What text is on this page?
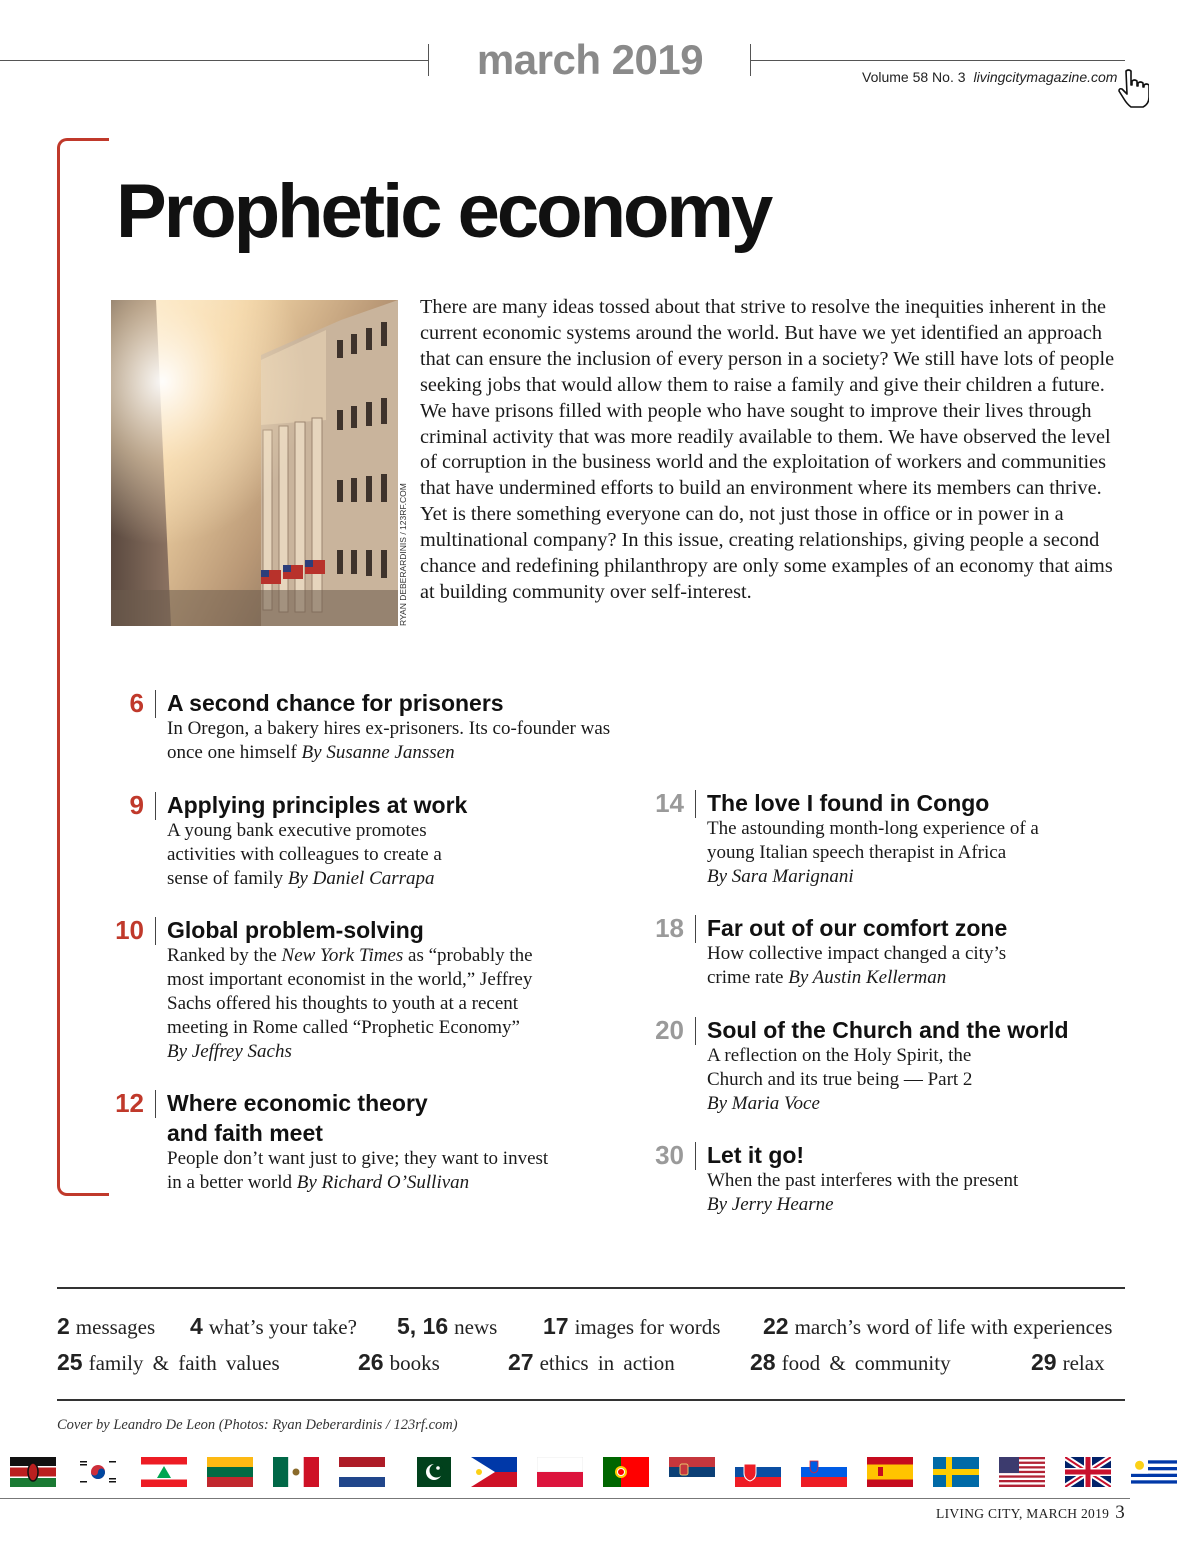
march 2019	Volume 58 No. 3 livingcitymagazine.com
Prophetic economy
RYAN DEBERARDINIS / 123RF.COM
There are many ideas tossed about that strive to resolve the inequities inherent in the current economic systems around the world. But have we yet identified an approach that can ensure the inclusion of every person in a society? We still have lots of people seeking jobs that would allow them to raise a family and give their children a future. We have prisons filled with people who have sought to improve their lives through criminal activity that was more readily available to them. We have observed the level of corruption in the business world and the exploitation of workers and communities that have undermined efforts to build an environment where its members can thrive. Yet is there something everyone can do, not just those in office or in power in a multinational company? In this issue, creating relationships, giving people a second chance and redefining philanthropy are only some examples of an economy that aims at building community over self-interest.
6 A second chance for prisoners
In Oregon, a bakery hires ex-prisoners. Its co-founder was once one himself By Susanne Janssen
9 Applying principles at work
A young bank executive promotes activities with colleagues to create a sense of family By Daniel Carrapa
10 Global problem-solving
Ranked by the New York Times as “probably the most important economist in the world,” Jeffrey Sachs offered his thoughts to youth at a recent meeting in Rome called “Prophetic Economy”
By Jeffrey Sachs
12 Where economic theory
and faith meet
People don’t want just to give; they want to invest in a better world By Richard O’Sullivan
14 The love I found in Congo
The astounding month-long experience of a young Italian speech therapist in Africa
By Sara Marignani
18 Far out of our comfort zone
How collective impact changed a city’s crime rate By Austin Kellerman
20 Soul of the Church and the world
A reflection on the Holy Spirit, the Church and its true being — Part 2
By Maria Voce
30 Let it go!
When the past interferes with the present
By Jerry Hearne
2 messages 4 what’s your take? 5, 16 news 17 images for words 22 march’s word of life with experiences
25 family & faith values	26 books	27 ethics in action	28 food & community	29 relax
Cover by Leandro De Leon (Photos: Ryan Deberardinis / 123rf.com)
LIVING CITY, MARCH 2019 3
